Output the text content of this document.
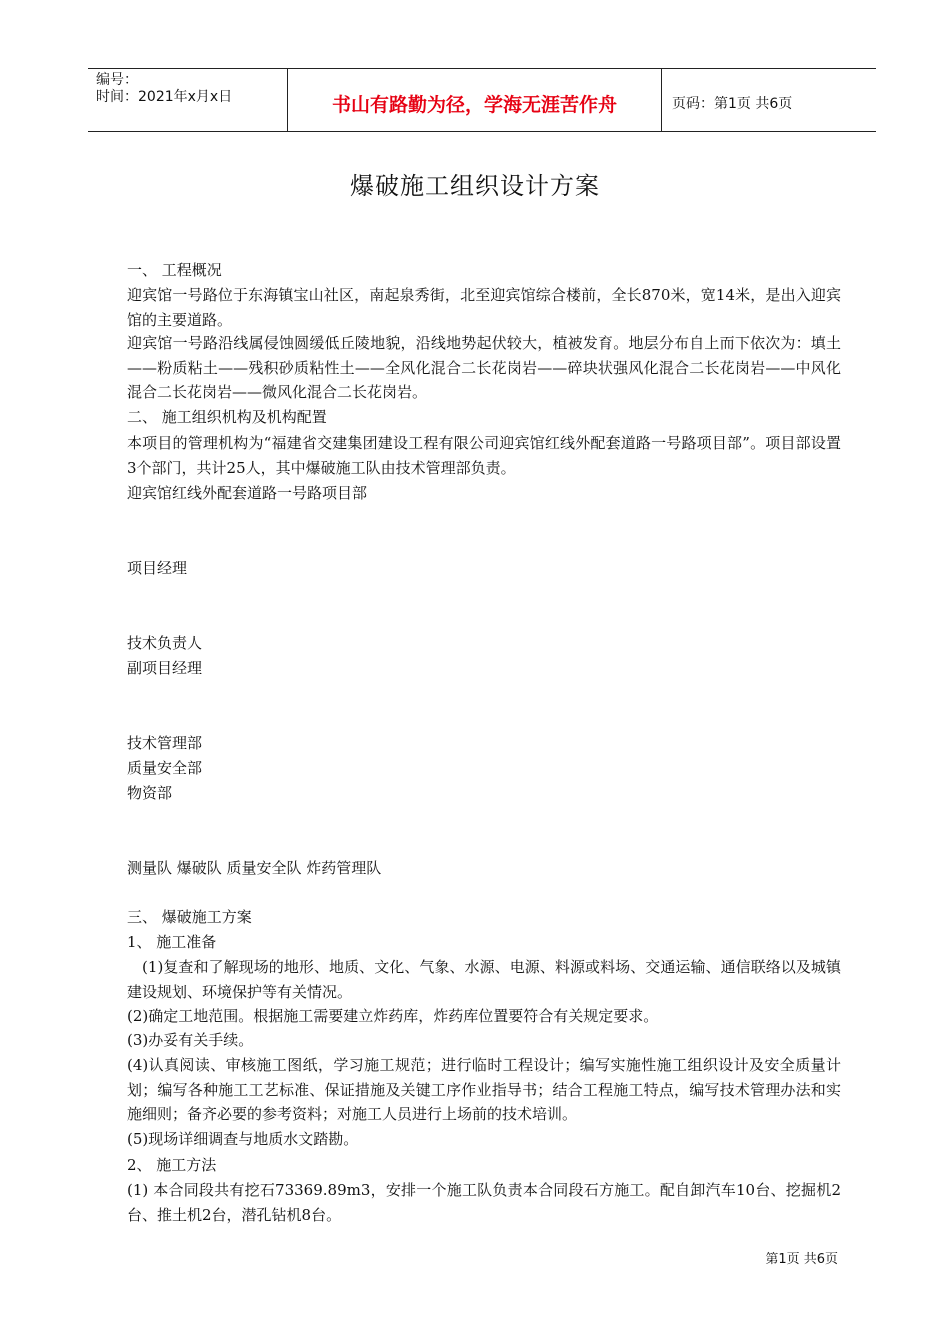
编号：
时间：2021年x月x日	书山有路勤为径，学海无涯苦作舟	页码：第1页 共6页
爆破施工组织设计方案
一、 工程概况
迎宾馆一号路位于东海镇宝山社区，南起泉秀街，北至迎宾馆综合楼前，全长870米，宽14米，是出入迎宾馆的主要道路。
迎宾馆一号路沿线属侵蚀圆缓低丘陵地貌，沿线地势起伏较大，植被发育。地层分布自上而下依次为：填土——粉质粘土——残积砂质粘性土——全风化混合二长花岗岩——碎块状强风化混合二长花岗岩——中风化混合二长花岗岩——微风化混合二长花岗岩。
二、 施工组织机构及机构配置
本项目的管理机构为“福建省交建集团建设工程有限公司迎宾馆红线外配套道路一号路项目部”。项目部设置3个部门，共计25人，其中爆破施工队由技术管理部负责。
迎宾馆红线外配套道路一号路项目部
项目经理
技术负责人
副项目经理
技术管理部
质量安全部
物资部
测量队 爆破队 质量安全队 炸药管理队
三、 爆破施工方案
1、 施工准备
　(1)复查和了解现场的地形、地质、文化、气象、水源、电源、料源或料场、交通运输、通信联络以及城镇建设规划、环境保护等有关情况。
(2)确定工地范围。根据施工需要建立炸药库，炸药库位置要符合有关规定要求。
(3)办妥有关手续。
(4)认真阅读、审核施工图纸，学习施工规范；进行临时工程设计；编写实施性施工组织设计及安全质量计划；编写各种施工工艺标准、保证措施及关键工序作业指导书；结合工程施工特点，编写技术管理办法和实施细则；备齐必要的参考资料；对施工人员进行上场前的技术培训。
(5)现场详细调查与地质水文踏勘。
2、 施工方法
(1) 本合同段共有挖石73369.89m3，安排一个施工队负责本合同段石方施工。配自卸汽车10台、挖掘机2台、推土机2台，潜孔钻机8台。
第1页 共6页
